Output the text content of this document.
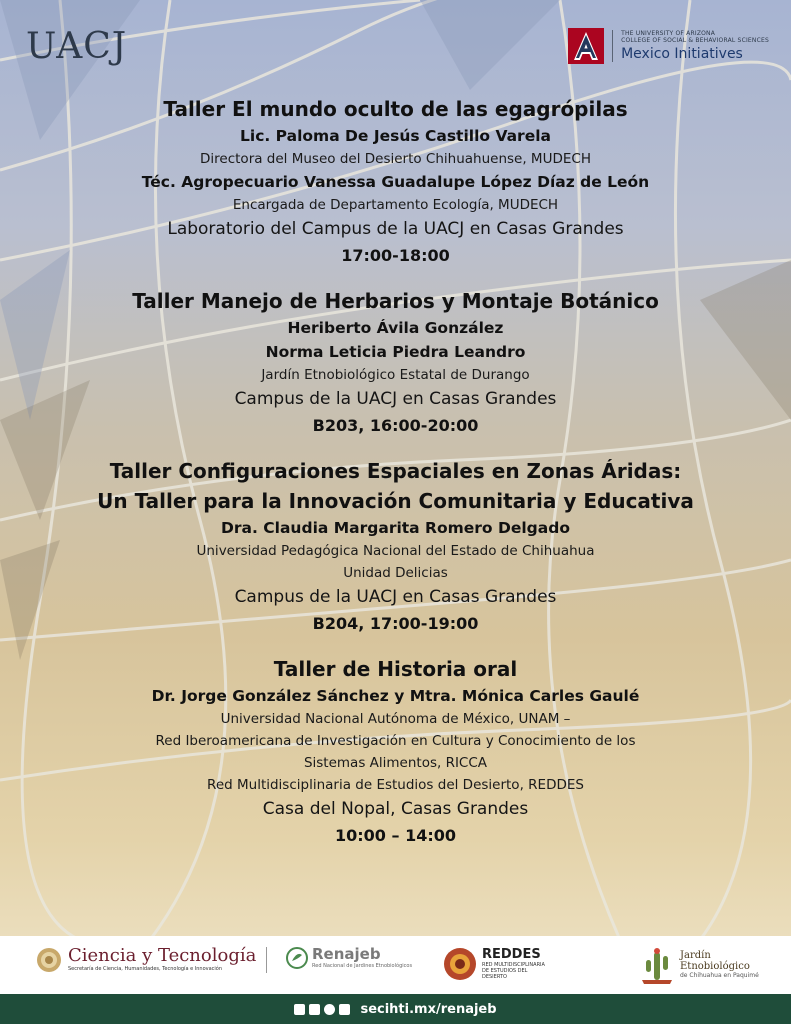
UACJ	THE UNIVERSITY OF ARIZONA
COLLEGE OF SOCIAL & BEHAVIORAL SCIENCES
Mexico Initiatives
Taller El mundo oculto de las egagrópilas
Lic. Paloma De Jesús Castillo Varela
Directora del Museo del Desierto Chihuahuense, MUDECH
Téc. Agropecuario Vanessa Guadalupe López Díaz de León
Encargada de Departamento Ecología, MUDECH
Laboratorio del Campus de la UACJ en Casas Grandes
17:00-18:00
Taller Manejo de Herbarios y Montaje Botánico
Heriberto Ávila González
Norma Leticia Piedra Leandro
Jardín Etnobiológico Estatal de Durango
Campus de la UACJ en Casas Grandes
B203, 16:00-20:00
Taller Configuraciones Espaciales en Zonas Áridas:
Un Taller para la Innovación Comunitaria y Educativa
Dra. Claudia Margarita Romero Delgado
Universidad Pedagógica Nacional del Estado de Chihuahua
Unidad Delicias
Campus de la UACJ en Casas Grandes
B204, 17:00-19:00
Taller de Historia oral
Dr. Jorge González Sánchez y Mtra. Mónica Carles Gaulé
Universidad Nacional Autónoma de México, UNAM –
Red Iberoamericana de Investigación en Cultura y Conocimiento de los
Sistemas Alimentos, RICCA
Red Multidisciplinaria de Estudios del Desierto, REDDES
Casa del Nopal, Casas Grandes
10:00 – 14:00
Ciencia y Tecnología
Secretaría de Ciencia, Humanidades, Tecnología e Innovación
Renajeb
Red Nacional de Jardines Etnobiológicos
REDDES
RED MULTIDISCIPLINARIA DE ESTUDIOS DEL DESIERTO
Jardín Etnobiológico
de Chihuahua en Paquimé
secihti.mx/renajeb
